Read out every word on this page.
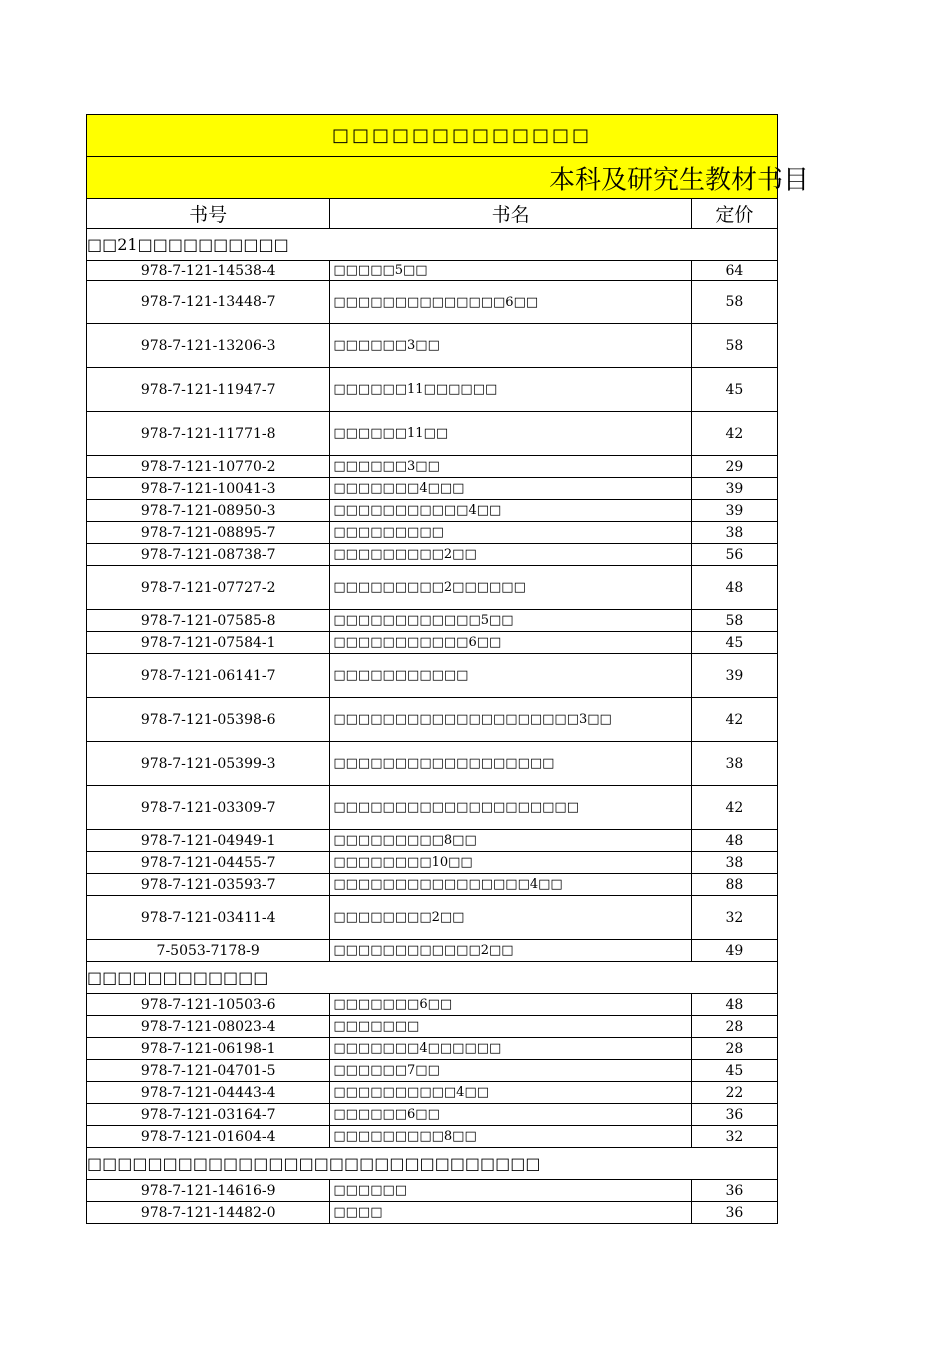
□□□□□□□□□□□□□		

本科及研究生教材书目		

书号	书名	定价
□□21□□□□□□□□□□		
978-7-121-14538-4	□□□□□5□□	64
978-7-121-13448-7	□□□□□□□□□□□□□□6□□	58
978-7-121-13206-3	□□□□□□3□□	58
978-7-121-11947-7	□□□□□□11□□□□□□	45
978-7-121-11771-8	□□□□□□11□□	42
978-7-121-10770-2	□□□□□□3□□	29
978-7-121-10041-3	□□□□□□□4□□□	39
978-7-121-08950-3	□□□□□□□□□□□4□□	39
978-7-121-08895-7	□□□□□□□□□	38
978-7-121-08738-7	□□□□□□□□□2□□	56
978-7-121-07727-2	□□□□□□□□□2□□□□□□	48
978-7-121-07585-8	□□□□□□□□□□□□5□□	58
978-7-121-07584-1	□□□□□□□□□□□6□□	45
978-7-121-06141-7	□□□□□□□□□□□	39
978-7-121-05398-6	□□□□□□□□□□□□□□□□□□□□3□□	42
978-7-121-05399-3	□□□□□□□□□□□□□□□□□□	38
978-7-121-03309-7	□□□□□□□□□□□□□□□□□□□□	42
978-7-121-04949-1	□□□□□□□□□8□□	48
978-7-121-04455-7	□□□□□□□□10□□	38
978-7-121-03593-7	□□□□□□□□□□□□□□□□4□□	88
978-7-121-03411-4	□□□□□□□□2□□	32
7-5053-7178-9	□□□□□□□□□□□□2□□	49
□□□□□□□□□□□□		
978-7-121-10503-6	□□□□□□□6□□	48
978-7-121-08023-4	□□□□□□□	28
978-7-121-06198-1	□□□□□□□4□□□□□□	28
978-7-121-04701-5	□□□□□□7□□	45
978-7-121-04443-4	□□□□□□□□□□4□□	22
978-7-121-03164-7	□□□□□□6□□	36
978-7-121-01604-4	□□□□□□□□□8□□	32
□□□□□□□□□□□□□□□□□□□□□□□□□□□□□□		
978-7-121-14616-9	□□□□□□	36
978-7-121-14482-0	□□□□	36
